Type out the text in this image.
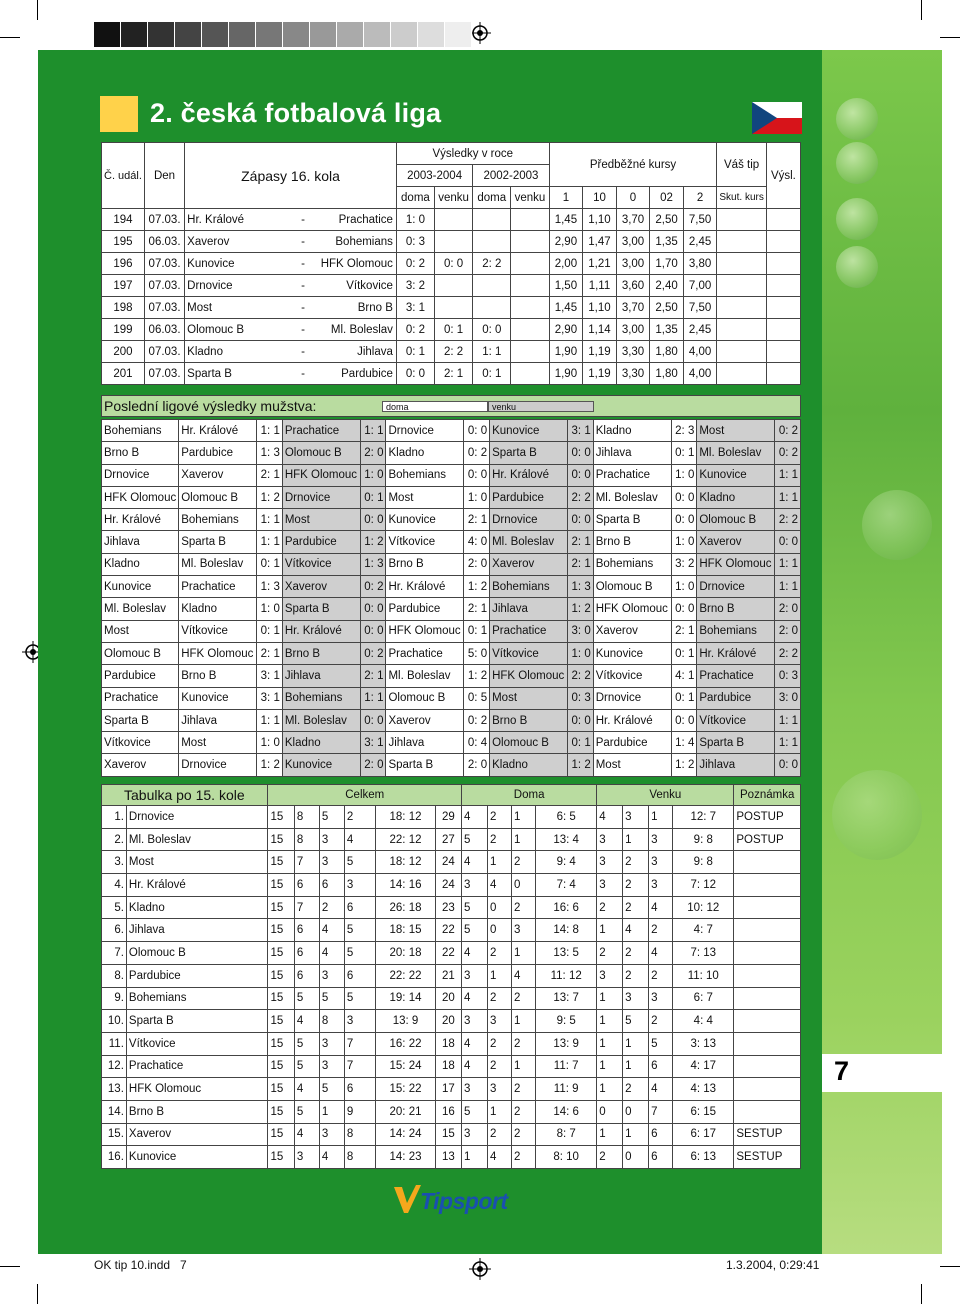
2. česká fotbalová liga
Č. udál.	Den	Zápasy 16. kola	Výsledky v roce				Předběžné kursy					Váš tip	Výsl.
			2003-2004		2002-2003								
			doma	venku	doma	venku	1	10	0	02	2	Skut. kurs	
194	07.03.	Hr. Králové - Prachatice	1: 0				1,45	1,10	3,70	2,50	7,50		
195	06.03.	Xaverov - Bohemians	0: 3				2,90	1,47	3,00	1,35	2,45		
196	07.03.	Kunovice - HFK Olomouc	0: 2	0: 0	2: 2		2,00	1,21	3,00	1,70	3,80		
197	07.03.	Drnovice - Vítkovice	3: 2				1,50	1,11	3,60	2,40	7,00		
198	07.03.	Most - Brno B	3: 1				1,45	1,10	3,70	2,50	7,50		
199	06.03.	Olomouc B - Ml. Boleslav	0: 2	0: 1	0: 0		2,90	1,14	3,00	1,35	2,45		
200	07.03.	Kladno - Jihlava	0: 1	2: 2	1: 1		1,90	1,19	3,30	1,80	4,00		
201	07.03.	Sparta B - Pardubice	0: 0	2: 1	0: 1		1,90	1,19	3,30	1,80	4,00		
Poslední ligové výsledky mužstva:	doma	venku
Bohemians	Hr. Králové	1: 1	Prachatice	1: 1	Drnovice	0: 0	Kunovice	3: 1	Kladno	2: 3	Most	0: 2
Brno B	Pardubice	1: 3	Olomouc B	2: 0	Kladno	0: 2	Sparta B	0: 0	Jihlava	0: 1	Ml. Boleslav	0: 2
Drnovice	Xaverov	2: 1	HFK Olomouc	1: 0	Bohemians	0: 0	Hr. Králové	0: 0	Prachatice	1: 0	Kunovice	1: 1
HFK Olomouc	Olomouc B	1: 2	Drnovice	0: 1	Most	1: 0	Pardubice	2: 2	Ml. Boleslav	0: 0	Kladno	1: 1
Hr. Králové	Bohemians	1: 1	Most	0: 0	Kunovice	2: 1	Drnovice	0: 0	Sparta B	0: 0	Olomouc B	2: 2
Jihlava	Sparta B	1: 1	Pardubice	1: 2	Vítkovice	4: 0	Ml. Boleslav	2: 1	Brno B	1: 0	Xaverov	0: 0
Kladno	Ml. Boleslav	0: 1	Vítkovice	1: 3	Brno B	2: 0	Xaverov	2: 1	Bohemians	3: 2	HFK Olomouc	1: 1
Kunovice	Prachatice	1: 3	Xaverov	0: 2	Hr. Králové	1: 2	Bohemians	1: 3	Olomouc B	1: 0	Drnovice	1: 1
Ml. Boleslav	Kladno	1: 0	Sparta B	0: 0	Pardubice	2: 1	Jihlava	1: 2	HFK Olomouc	0: 0	Brno B	2: 0
Most	Vítkovice	0: 1	Hr. Králové	0: 0	HFK Olomouc	0: 1	Prachatice	3: 0	Xaverov	2: 1	Bohemians	2: 0
Olomouc B	HFK Olomouc	2: 1	Brno B	0: 2	Prachatice	5: 0	Vítkovice	1: 0	Kunovice	0: 1	Hr. Králové	2: 2
Pardubice	Brno B	3: 1	Jihlava	2: 1	Ml. Boleslav	1: 2	HFK Olomouc	2: 2	Vítkovice	4: 1	Prachatice	0: 3
Prachatice	Kunovice	3: 1	Bohemians	1: 1	Olomouc B	0: 5	Most	0: 3	Drnovice	0: 1	Pardubice	3: 0
Sparta B	Jihlava	1: 1	Ml. Boleslav	0: 0	Xaverov	0: 2	Brno B	0: 0	Hr. Králové	0: 0	Vítkovice	1: 1
Vítkovice	Most	1: 0	Kladno	3: 1	Jihlava	0: 4	Olomouc B	0: 1	Pardubice	1: 4	Sparta B	1: 1
Xaverov	Drnovice	1: 2	Kunovice	2: 0	Sparta B	2: 0	Kladno	1: 2	Most	1: 2	Jihlava	0: 0
Tabulka po 15. kole		Celkem						Doma				Venku				Poznámka
1.	Drnovice	15	8	5	2	18: 12	29	4	2	1	6: 5	4	3	1	12: 7	POSTUP
2.	Ml. Boleslav	15	8	3	4	22: 12	27	5	2	1	13: 4	3	1	3	9: 8	POSTUP
3.	Most	15	7	3	5	18: 12	24	4	1	2	9: 4	3	2	3	9: 8	
4.	Hr. Králové	15	6	6	3	14: 16	24	3	4	0	7: 4	3	2	3	7: 12	
5.	Kladno	15	7	2	6	26: 18	23	5	0	2	16: 6	2	2	4	10: 12	
6.	Jihlava	15	6	4	5	18: 15	22	5	0	3	14: 8	1	4	2	4: 7	
7.	Olomouc B	15	6	4	5	20: 18	22	4	2	1	13: 5	2	2	4	7: 13	
8.	Pardubice	15	6	3	6	22: 22	21	3	1	4	11: 12	3	2	2	11: 10	
9.	Bohemians	15	5	5	5	19: 14	20	4	2	2	13: 7	1	3	3	6: 7	
10.	Sparta B	15	4	8	3	13: 9	20	3	3	1	9: 5	1	5	2	4: 4	
11.	Vítkovice	15	5	3	7	16: 22	18	4	2	2	13: 9	1	1	5	3: 13	
12.	Prachatice	15	5	3	7	15: 24	18	4	2	1	11: 7	1	1	6	4: 17	
13.	HFK Olomouc	15	4	5	6	15: 22	17	3	3	2	11: 9	1	2	4	4: 13	
14.	Brno B	15	5	1	9	20: 21	16	5	1	2	14: 6	0	0	7	6: 15	
15.	Xaverov	15	4	3	8	14: 24	15	3	2	2	8: 7	1	1	6	6: 17	SESTUP
16.	Kunovice	15	3	4	8	14: 23	13	1	4	2	8: 10	2	0	6	6: 13	SESTUP
7
Tipsport
OK tip 10.indd   7	1.3.2004, 0:29:41
